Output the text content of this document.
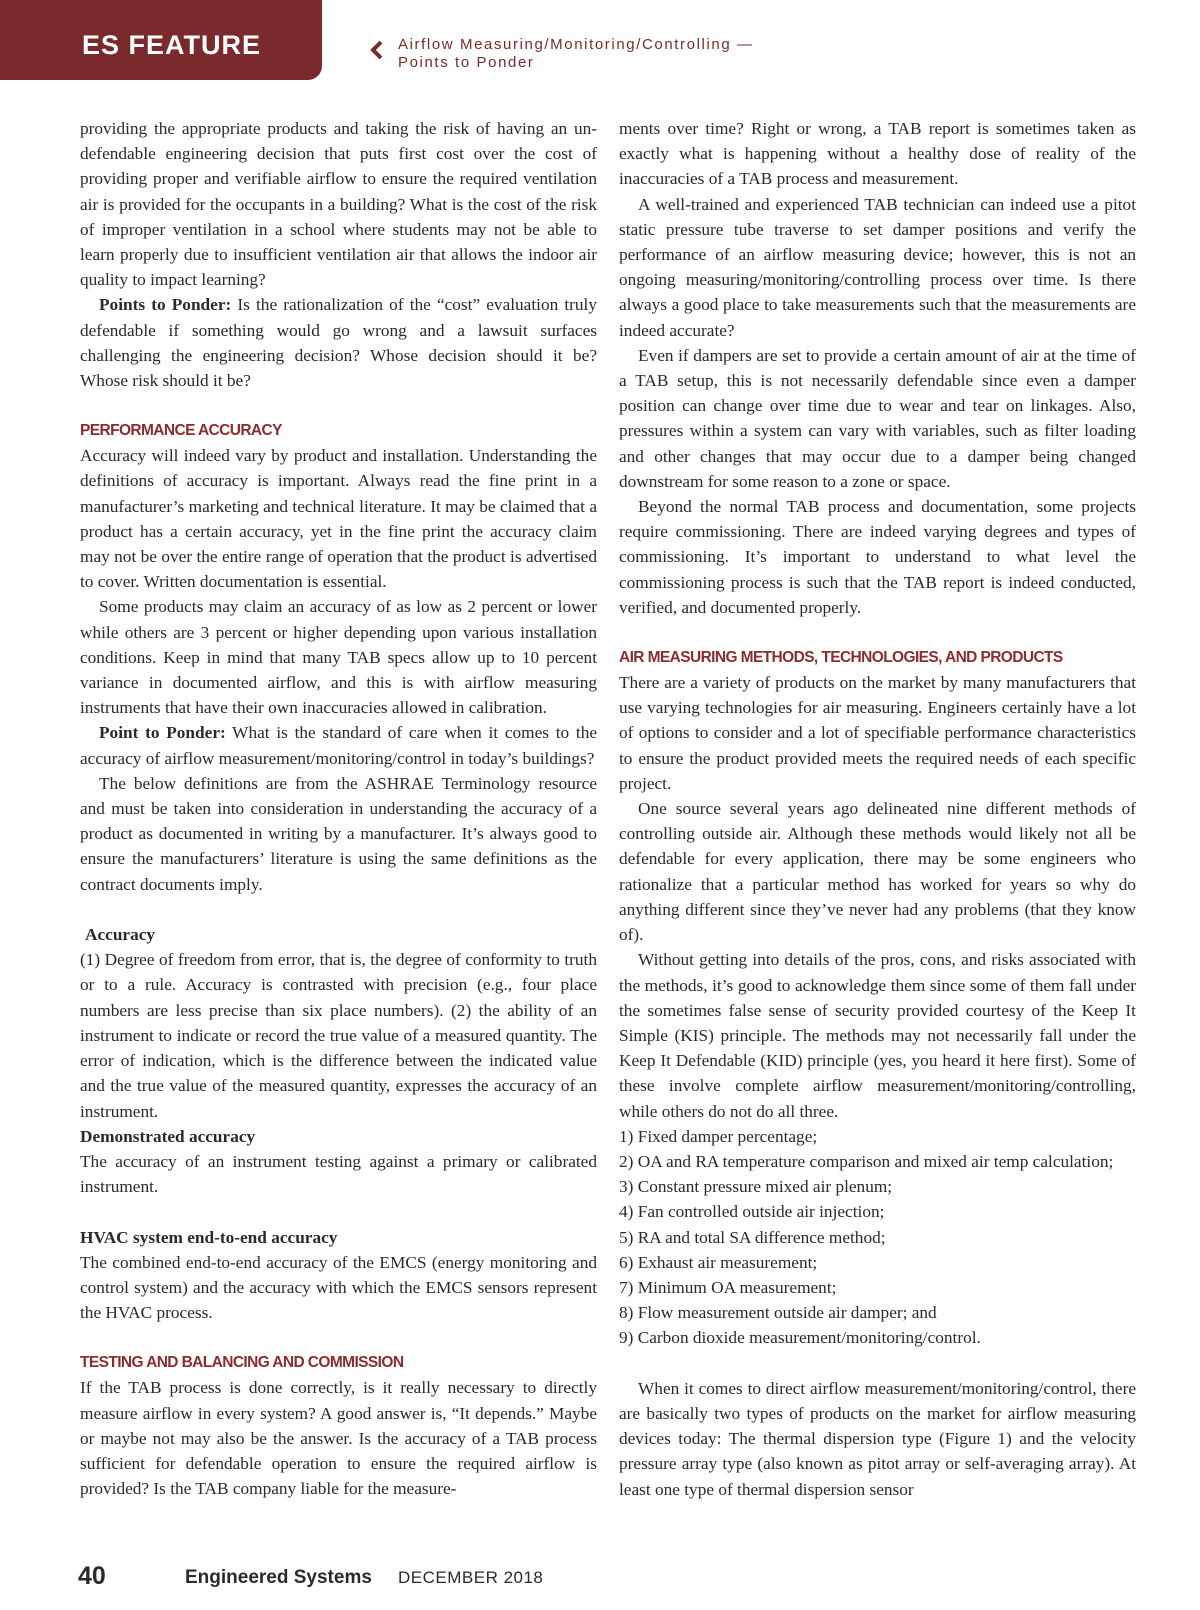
ES FEATURE	Airflow Measuring/Monitoring/Controlling —
Points to Ponder

providing the appropriate products and taking the risk of having an un-defendable engineering decision that puts first cost over the cost of providing proper and verifiable airflow to ensure the required ventilation air is provided for the occupants in a building? What is the cost of the risk of improper ventilation in a school where students may not be able to learn properly due to insufficient ventilation air that allows the indoor air quality to impact learning?

Points to Ponder: Is the rationalization of the “cost” evaluation truly defendable if something would go wrong and a lawsuit surfaces challenging the engineering decision? Whose decision should it be? Whose risk should it be?

PERFORMANCE ACCURACY

Accuracy will indeed vary by product and installation. Understanding the definitions of accuracy is important. Always read the fine print in a manufacturer’s marketing and technical literature. It may be claimed that a product has a certain accuracy, yet in the fine print the accuracy claim may not be over the entire range of operation that the product is advertised to cover. Written documentation is essential.

Some products may claim an accuracy of as low as 2 percent or lower while others are 3 percent or higher depending upon various installation conditions. Keep in mind that many TAB specs allow up to 10 percent variance in documented airflow, and this is with airflow measuring instruments that have their own inaccuracies allowed in calibration.

Point to Ponder: What is the standard of care when it comes to the accuracy of airflow measurement/monitoring/control in today’s buildings?

The below definitions are from the ASHRAE Terminology resource and must be taken into consideration in understanding the accuracy of a product as documented in writing by a manufacturer. It’s always good to ensure the manufacturers’ literature is using the same definitions as the contract documents imply.

Accuracy

(1) Degree of freedom from error, that is, the degree of conformity to truth or to a rule. Accuracy is contrasted with precision (e.g., four place numbers are less precise than six place numbers). (2) the ability of an instrument to indicate or record the true value of a measured quantity. The error of indication, which is the difference between the indicated value and the true value of the measured quantity, expresses the accuracy of an instrument.

Demonstrated accuracy

The accuracy of an instrument testing against a primary or calibrated instrument.

HVAC system end-to-end accuracy

The combined end-to-end accuracy of the EMCS (energy monitoring and control system) and the accuracy with which the EMCS sensors represent the HVAC process.

TESTING AND BALANCING AND COMMISSION

If the TAB process is done correctly, is it really necessary to directly measure airflow in every system? A good answer is, “It depends.” Maybe or maybe not may also be the answer. Is the accuracy of a TAB process sufficient for defendable operation to ensure the required airflow is provided? Is the TAB company liable for the measure-

ments over time? Right or wrong, a TAB report is sometimes taken as exactly what is happening without a healthy dose of reality of the inaccuracies of a TAB process and measurement.

A well-trained and experienced TAB technician can indeed use a pitot static pressure tube traverse to set damper positions and verify the performance of an airflow measuring device; however, this is not an ongoing measuring/monitoring/controlling process over time. Is there always a good place to take measurements such that the measurements are indeed accurate?

Even if dampers are set to provide a certain amount of air at the time of a TAB setup, this is not necessarily defendable since even a damper position can change over time due to wear and tear on linkages. Also, pressures within a system can vary with variables, such as filter loading and other changes that may occur due to a damper being changed downstream for some reason to a zone or space.

Beyond the normal TAB process and documentation, some projects require commissioning. There are indeed varying degrees and types of commissioning. It’s important to understand to what level the commissioning process is such that the TAB report is indeed conducted, verified, and documented properly.

AIR MEASURING METHODS, TECHNOLOGIES, AND PRODUCTS

There are a variety of products on the market by many manufacturers that use varying technologies for air measuring. Engineers certainly have a lot of options to consider and a lot of specifiable performance characteristics to ensure the product provided meets the required needs of each specific project.

One source several years ago delineated nine different methods of controlling outside air. Although these methods would likely not all be defendable for every application, there may be some engineers who rationalize that a particular method has worked for years so why do anything different since they’ve never had any problems (that they know of).

Without getting into details of the pros, cons, and risks associated with the methods, it’s good to acknowledge them since some of them fall under the sometimes false sense of security provided courtesy of the Keep It Simple (KIS) principle. The methods may not necessarily fall under the Keep It Defendable (KID) principle (yes, you heard it here first). Some of these involve complete airflow measurement/monitoring/controlling, while others do not do all three.

1) Fixed damper percentage;
2) OA and RA temperature comparison and mixed air temp calculation;
3) Constant pressure mixed air plenum;
4) Fan controlled outside air injection;
5) RA and total SA difference method;
6) Exhaust air measurement;
7) Minimum OA measurement;
8) Flow measurement outside air damper; and
9) Carbon dioxide measurement/monitoring/control.

When it comes to direct airflow measurement/monitoring/control, there are basically two types of products on the market for airflow measuring devices today: The thermal dispersion type (Figure 1) and the velocity pressure array type (also known as pitot array or self-averaging array). At least one type of thermal dispersion sensor

40	Engineered Systems DECEMBER 2018
